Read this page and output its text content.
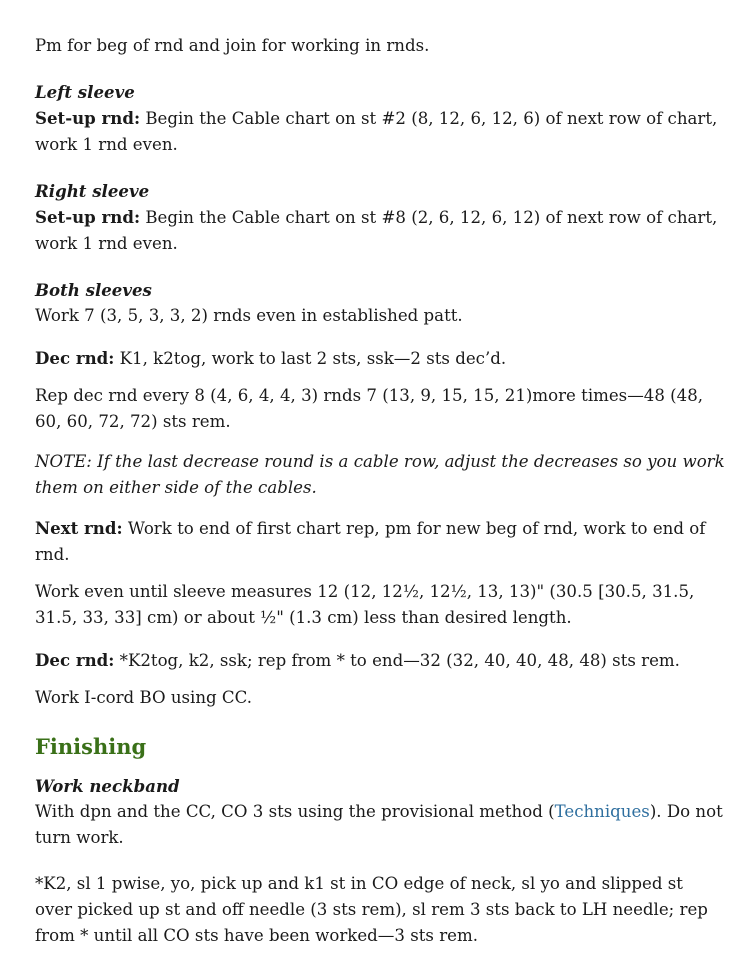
Pm for beg of rnd and join for working in rnds.

Left sleeve

Set-up rnd: Begin the Cable chart on st #2 (8, 12, 6, 12, 6) of next row of chart, work 1 rnd even.

Right sleeve

Set-up rnd: Begin the Cable chart on st #8 (2, 6, 12, 6, 12) of next row of chart, work 1 rnd even.

Both sleeves

Work 7 (3, 5, 3, 3, 2) rnds even in established patt.

Dec rnd: K1, k2tog, work to last 2 sts, ssk—2 sts dec’d.

Rep dec rnd every 8 (4, 6, 4, 4, 3) rnds 7 (13, 9, 15, 15, 21)more times—48 (48, 60, 60, 72, 72) sts rem.

NOTE: If the last decrease round is a cable row, adjust the decreases so you work them on either side of the cables.

Next rnd: Work to end of first chart rep, pm for new beg of rnd, work to end of rnd.

Work even until sleeve measures 12 (12, 12½, 12½, 13, 13)" (30.5 [30.5, 31.5, 31.5, 33, 33] cm) or about ½" (1.3 cm) less than desired length.

Dec rnd: *K2tog, k2, ssk; rep from * to end—32 (32, 40, 40, 48, 48) sts rem.

Work I-cord BO using CC.

Finishing

Work neckband

With dpn and the CC, CO 3 sts using the provisional method (Techniques). Do not turn work.

*K2, sl 1 pwise, yo, pick up and k1 st in CO edge of neck, sl yo and slipped st over picked up st and off needle (3 sts rem), sl rem 3 sts back to LH needle; rep from * until all CO sts have been worked—3 sts rem.
